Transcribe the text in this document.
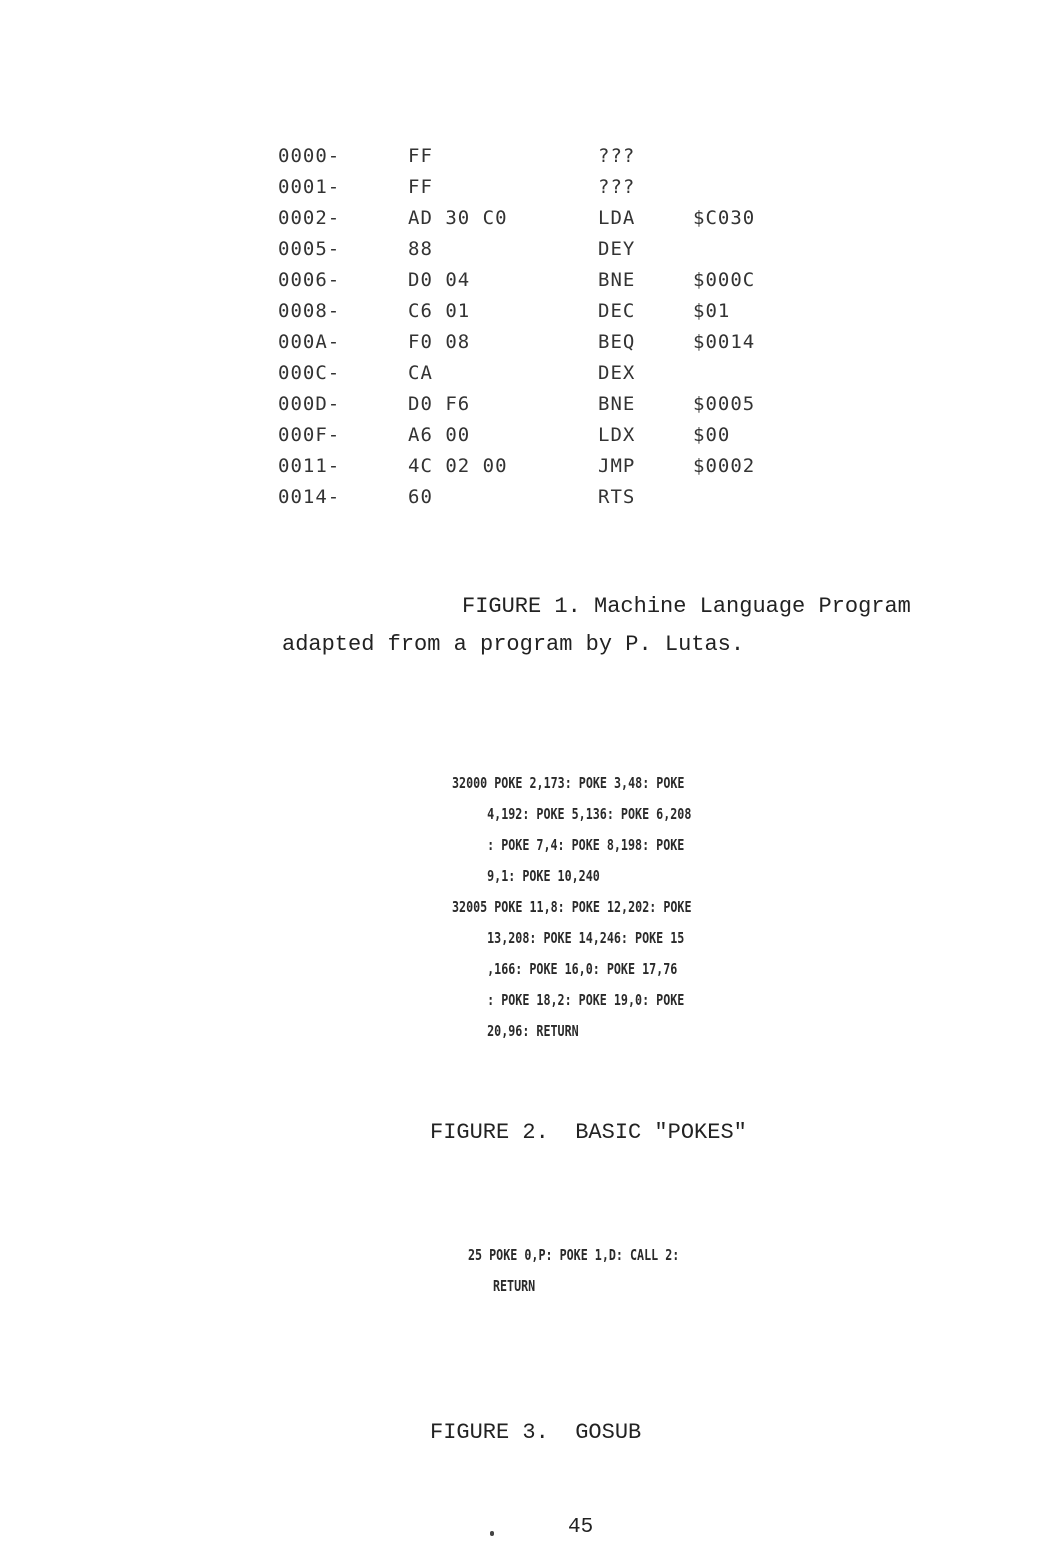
0000-	FF	???
0001-	FF	???
0002-	AD 30 C0	LDA	$C030
0005-	88	DEY
0006-	D0 04	BNE	$000C
0008-	C6 01	DEC	$01
000A-	F0 08	BEQ	$0014
000C-	CA	DEX
000D-	D0 F6	BNE	$0005
000F-	A6 00	LDX	$00
0011-	4C 02 00	JMP	$0002
0014-	60	RTS
FIGURE 1. Machine Language Program
adapted from a program by P. Lutas.
32000 POKE 2,173: POKE 3,48: POKE
4,192: POKE 5,136: POKE 6,208
: POKE 7,4: POKE 8,198: POKE
9,1: POKE 10,240
32005 POKE 11,8: POKE 12,202: POKE
13,208: POKE 14,246: POKE 15
,166: POKE 16,0: POKE 17,76
: POKE 18,2: POKE 19,0: POKE
20,96: RETURN
FIGURE 2.  BASIC "POKES"
25 POKE 0,P: POKE 1,D: CALL 2:
RETURN
FIGURE 3.  GOSUB
45
